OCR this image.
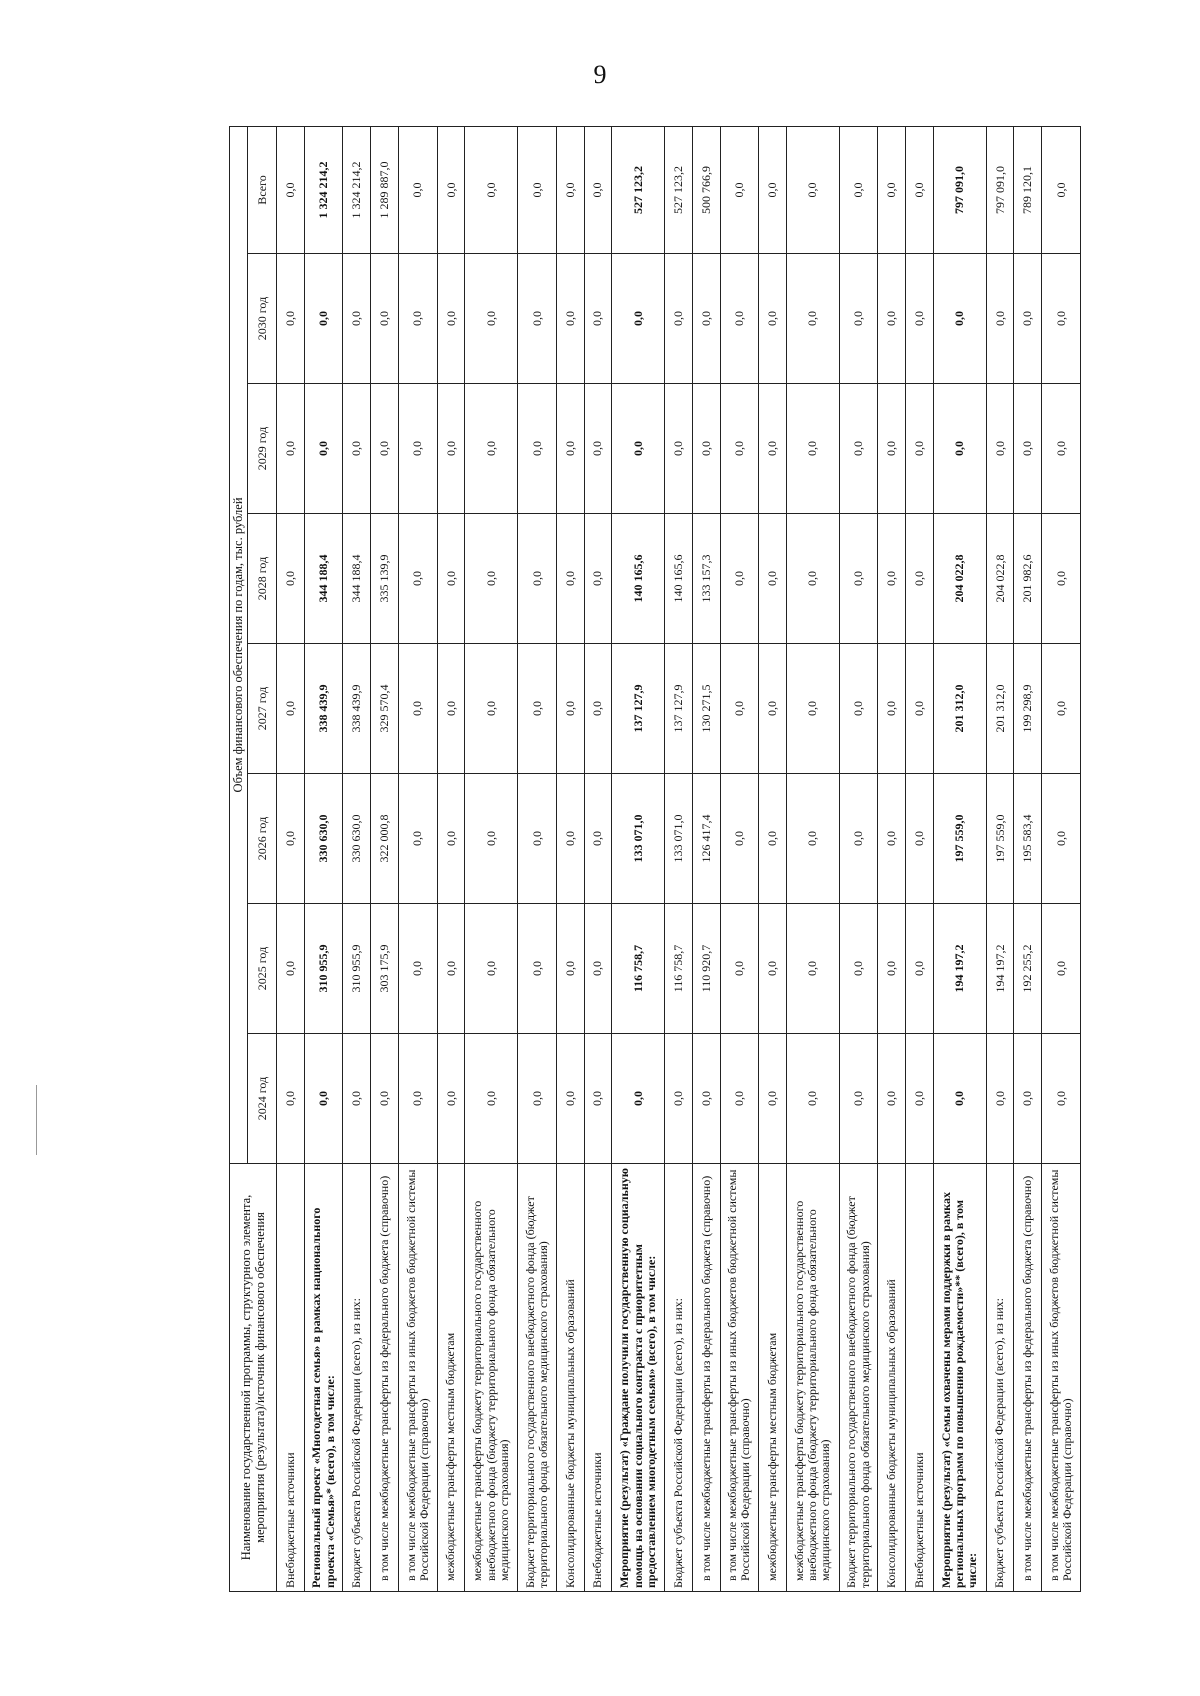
9
Наименование государственной программы, структурного элемента, мероприятия (результата)/источник финансового обеспечения	Объем финансового обеспечения по годам, тыс. рублей							
	2024 год	2025 год	2026 год	2027 год	2028 год	2029 год	2030 год	Всего
Внебюджетные источники	0,0	0,0	0,0	0,0	0,0	0,0	0,0	0,0
Региональный проект «Многодетная семья» в рамках национального проекта «Семья»* (всего), в том числе:	0,0	310 955,9	330 630,0	338 439,9	344 188,4	0,0	0,0	1 324 214,2
Бюджет субъекта Российской Федерации (всего), из них:	0,0	310 955,9	330 630,0	338 439,9	344 188,4	0,0	0,0	1 324 214,2
в том числе межбюджетные трансферты из федерального бюджета (справочно)	0,0	303 175,9	322 000,8	329 570,4	335 139,9	0,0	0,0	1 289 887,0
в том числе межбюджетные трансферты из иных бюджетов бюджетной системы Российской Федерации (справочно)	0,0	0,0	0,0	0,0	0,0	0,0	0,0	0,0
межбюджетные трансферты местным бюджетам	0,0	0,0	0,0	0,0	0,0	0,0	0,0	0,0
межбюджетные трансферты бюджету территориального государственного внебюджетного фонда (бюджету территориального фонда обязательного медицинского страхования)	0,0	0,0	0,0	0,0	0,0	0,0	0,0	0,0
Бюджет территориального государственного внебюджетного фонда (бюджет территориального фонда обязательного медицинского страхования)	0,0	0,0	0,0	0,0	0,0	0,0	0,0	0,0
Консолидированные бюджеты муниципальных образований	0,0	0,0	0,0	0,0	0,0	0,0	0,0	0,0
Внебюджетные источники	0,0	0,0	0,0	0,0	0,0	0,0	0,0	0,0
Мероприятие (результат) «Граждане получили государственную социальную помощь на основании социального контракта с приоритетным предоставлением многодетным семьям» (всего), в том числе:	0,0	116 758,7	133 071,0	137 127,9	140 165,6	0,0	0,0	527 123,2
Бюджет субъекта Российской Федерации (всего), из них:	0,0	116 758,7	133 071,0	137 127,9	140 165,6	0,0	0,0	527 123,2
в том числе межбюджетные трансферты из федерального бюджета (справочно)	0,0	110 920,7	126 417,4	130 271,5	133 157,3	0,0	0,0	500 766,9
в том числе межбюджетные трансферты из иных бюджетов бюджетной системы Российской Федерации (справочно)	0,0	0,0	0,0	0,0	0,0	0,0	0,0	0,0
межбюджетные трансферты местным бюджетам	0,0	0,0	0,0	0,0	0,0	0,0	0,0	0,0
межбюджетные трансферты бюджету территориального государственного внебюджетного фонда (бюджету территориального фонда обязательного медицинского страхования)	0,0	0,0	0,0	0,0	0,0	0,0	0,0	0,0
Бюджет территориального государственного внебюджетного фонда (бюджет территориального фонда обязательного медицинского страхования)	0,0	0,0	0,0	0,0	0,0	0,0	0,0	0,0
Консолидированные бюджеты муниципальных образований	0,0	0,0	0,0	0,0	0,0	0,0	0,0	0,0
Внебюджетные источники	0,0	0,0	0,0	0,0	0,0	0,0	0,0	0,0
Мероприятие (результат) «Семьи охвачены мерами поддержки в рамках региональных программ по повышению рождаемости»** (всего), в том числе:	0,0	194 197,2	197 559,0	201 312,0	204 022,8	0,0	0,0	797 091,0
Бюджет субъекта Российской Федерации (всего), из них:	0,0	194 197,2	197 559,0	201 312,0	204 022,8	0,0	0,0	797 091,0
в том числе межбюджетные трансферты из федерального бюджета (справочно)	0,0	192 255,2	195 583,4	199 298,9	201 982,6	0,0	0,0	789 120,1
в том числе межбюджетные трансферты из иных бюджетов бюджетной системы Российской Федерации (справочно)	0,0	0,0	0,0	0,0	0,0	0,0	0,0	0,0
